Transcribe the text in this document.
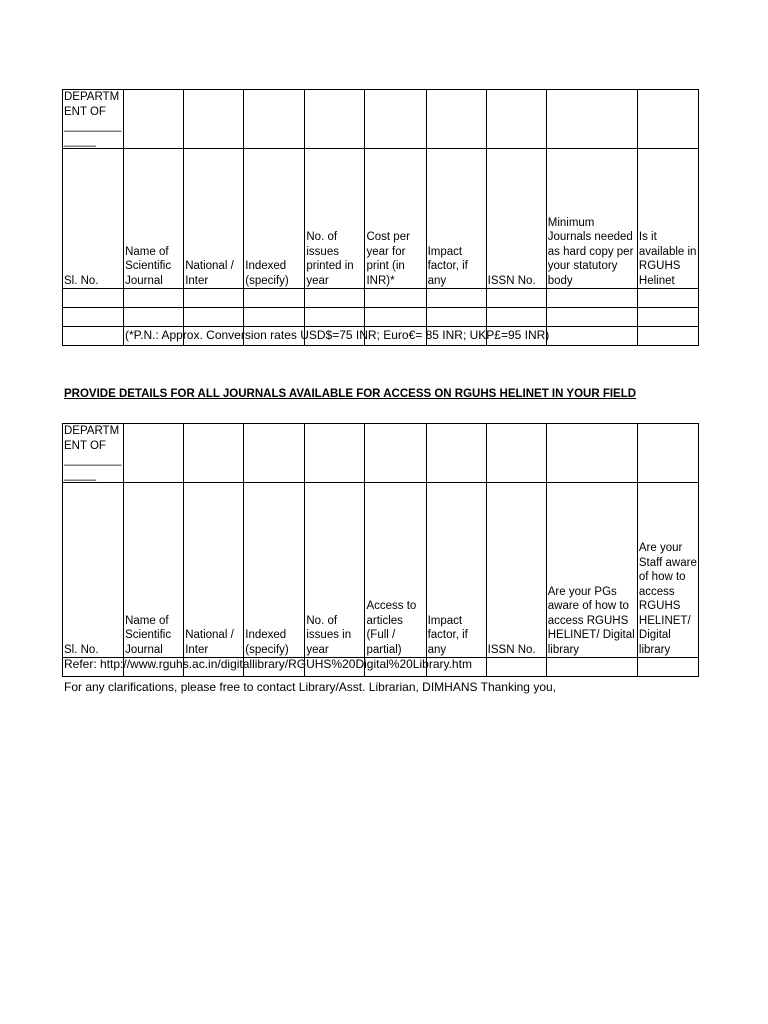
DEPARTMENT OF ______________									
Sl. No.	Name of Scientific Journal	National / Inter	Indexed (specify)	No. of issues printed in year	Cost per year for print (in INR)*	Impact factor, if any	ISSN No.	Minimum Journals needed as hard copy per your statutory body	Is it available in RGUHS Helinet

(*P.N.: Approx. Conversion rates USD$=75 INR; Euro€= 85 INR; UKP£=95 INR)
PROVIDE DETAILS FOR ALL JOURNALS AVAILABLE FOR ACCESS ON RGUHS HELINET IN YOUR FIELD
DEPARTMENT OF ______________									
Sl. No.	Name of Scientific Journal	National / Inter	Indexed (specify)	No. of issues in year	Access to articles (Full / partial)	Impact factor, if any	ISSN No.	Are your PGs aware of how to access RGUHS HELINET/ Digital library	Are your Staff aware of how to access RGUHS HELINET/ Digital library

Refer: http://www.rguhs.ac.in/digitallibrary/RGUHS%20Digital%20Library.htm
For any clarifications, please free to contact Library/Asst. Librarian, DIMHANS Thanking you,
